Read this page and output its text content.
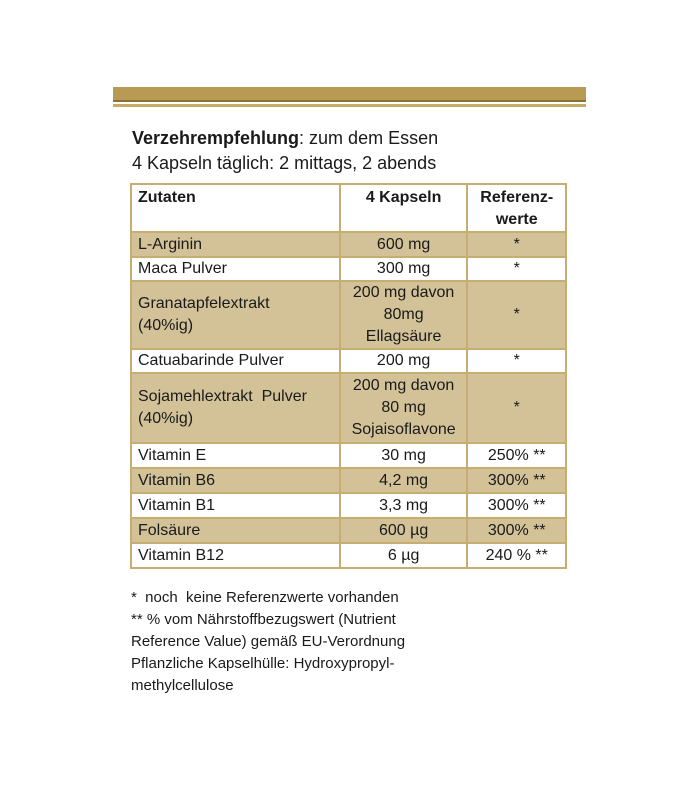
Verzehrempfehlung: zum dem Essen
4 Kapseln täglich: 2 mittags, 2 abends
Zutaten	4 Kapseln	Referenz-
werte
L-Arginin	600 mg	*
Maca Pulver	300 mg	*
Granatapfelextrakt (40%ig)	200 mg davon 80mg Ellagsäure	*
Catuabarinde Pulver	200 mg	*
Sojamehlextrakt  Pulver (40%ig)	200 mg davon 80 mg Sojaisoflavone	*
Vitamin E	30 mg	250% **
Vitamin B6	4,2 mg	300% **
Vitamin B1	3,3 mg	300% **
Folsäure	600 µg	300% **
Vitamin B12	6 µg	240 % **
*  noch  keine Referenzwerte vorhanden
** % vom Nährstoffbezugswert (Nutrient
Reference Value) gemäß EU-Verordnung
Pflanzliche Kapselhülle: Hydroxypropyl-
methylcellulose
